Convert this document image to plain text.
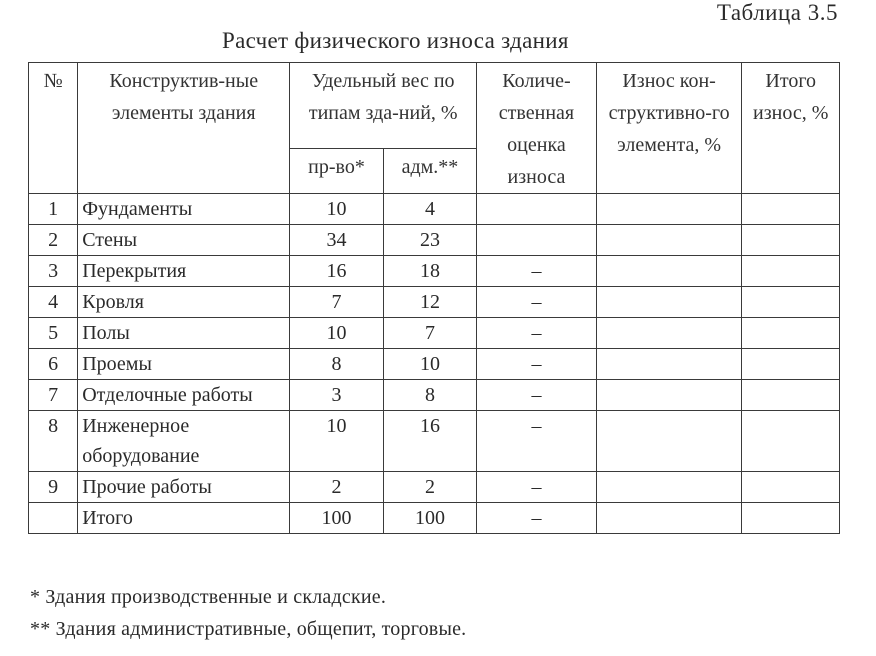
Таблица 3.5
Расчет физического износа здания
№	Конструктив-ные элементы здания	Удельный вес по типам зда-ний, %		Количе-ственная оценка износа	Износ кон-структивно-го элемента, %	Итого износ, %
		пр-во*	адм.**			
1	Фундаменты	10	4			
2	Стены	34	23			
3	Перекрытия	16	18	–		
4	Кровля	7	12	–		
5	Полы	10	7	–		
6	Проемы	8	10	–		
7	Отделочные работы	3	8	–		
8	Инженерное оборудование	10	16	–		
9	Прочие работы	2	2	–		
	Итого	100	100	–		
* Здания производственные и складские.
** Здания административные, общепит, торговые.
